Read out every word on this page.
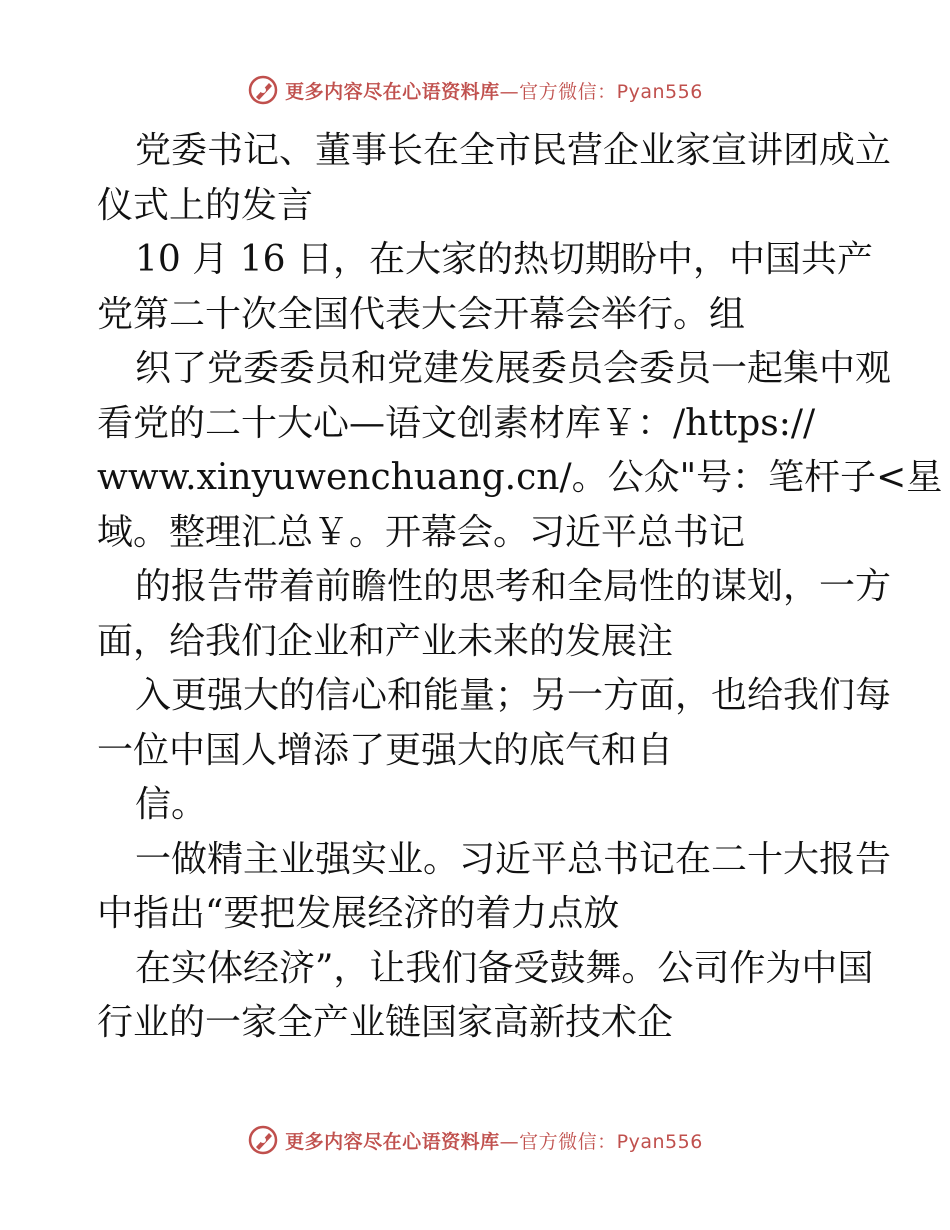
更多内容尽在心语资料库—官方微信：Pyan556
党委书记、董事长在全市民营企业家宣讲团成立
仪式上的发言
10 月 16 日，在大家的热切期盼中，中国共产
党第二十次全国代表大会开幕会举行。组
织了党委委员和党建发展委员会委员一起集中观
看党的二十大心—语文创素材库￥：/https://
www.xinyuwenchuang.cn/。公众"号：笔杆子<星
域。整理汇总￥。开幕会。习近平总书记
的报告带着前瞻性的思考和全局性的谋划，一方
面，给我们企业和产业未来的发展注
入更强大的信心和能量；另一方面，也给我们每
一位中国人增添了更强大的底气和自
信。
一做精主业强实业。习近平总书记在二十大报告
中指出“要把发展经济的着力点放
在实体经济”，让我们备受鼓舞。公司作为中国
行业的一家全产业链国家高新技术企
更多内容尽在心语资料库—官方微信：Pyan556
